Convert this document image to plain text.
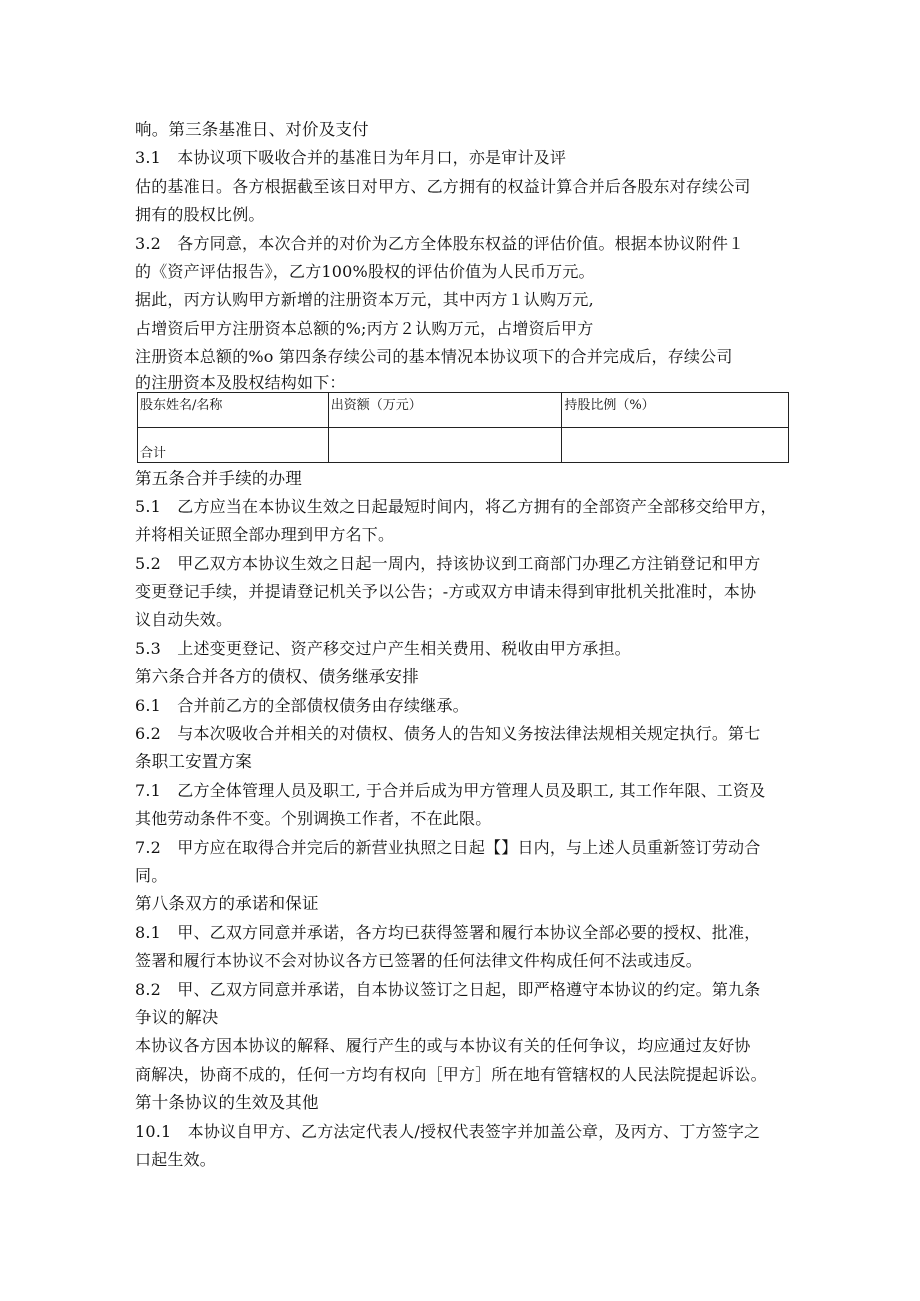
响。第三条基准日、对价及支付
3.1　本协议项下吸收合并的基准日为年月口，亦是审计及评
估的基准日。各方根据截至该日对甲方、乙方拥有的权益计算合并后各股东对存续公司
拥有的股权比例。
3.2　各方同意，本次合并的对价为乙方全体股东权益的评估价值。根据本协议附件１
的《资产评估报告》，乙方100%股权的评估价值为人民币万元。
据此，丙方认购甲方新增的注册资本万元，其中丙方１认购万元,
占增资后甲方注册资本总额的%;丙方２认购万元，占增资后甲方
注册资本总额的%o 第四条存续公司的基本情况本协议项下的合并完成后，存续公司
的注册资本及股权结构如下：
股东姓名/名称	出资额（万元）	持股比例（%）
合计		
第五条合并手续的办理
5.1　乙方应当在本协议生效之日起最短时间内，将乙方拥有的全部资产全部移交给甲方，
并将相关证照全部办理到甲方名下。
5.2　甲乙双方本协议生效之日起一周内，持该协议到工商部门办理乙方注销登记和甲方
变更登记手续，并提请登记机关予以公告；-方或双方申请未得到审批机关批准时，本协
议自动失效。
5.3　上述变更登记、资产移交过户产生相关费用、税收由甲方承担。
第六条合并各方的债权、债务继承安排
6.1　合并前乙方的全部债权债务由存续继承。
6.2　与本次吸收合并相关的对债权、债务人的告知义务按法律法规相关规定执行。第七
条职工安置方案
7.1　乙方全体管理人员及职工, 于合并后成为甲方管理人员及职工, 其工作年限、工资及
其他劳动条件不变。个别调换工作者，不在此限。
7.2　甲方应在取得合并完后的新营业执照之日起【】日内，与上述人员重新签订劳动合
同。
第八条双方的承诺和保证
8.1　甲、乙双方同意并承诺，各方均已获得签署和履行本协议全部必要的授权、批准，
签署和履行本协议不会对协议各方已签署的任何法律文件构成任何不法或违反。
8.2　甲、乙双方同意并承诺，自本协议签订之日起，即严格遵守本协议的约定。第九条
争议的解决
本协议各方因本协议的解释、履行产生的或与本协议有关的任何争议，均应通过友好协
商解决，协商不成的，任何一方均有权向［甲方］所在地有管辖权的人民法院提起诉讼。
第十条协议的生效及其他
10.1　本协议自甲方、乙方法定代表人/授权代表签字并加盖公章，及丙方、丁方签字之
口起生效。
